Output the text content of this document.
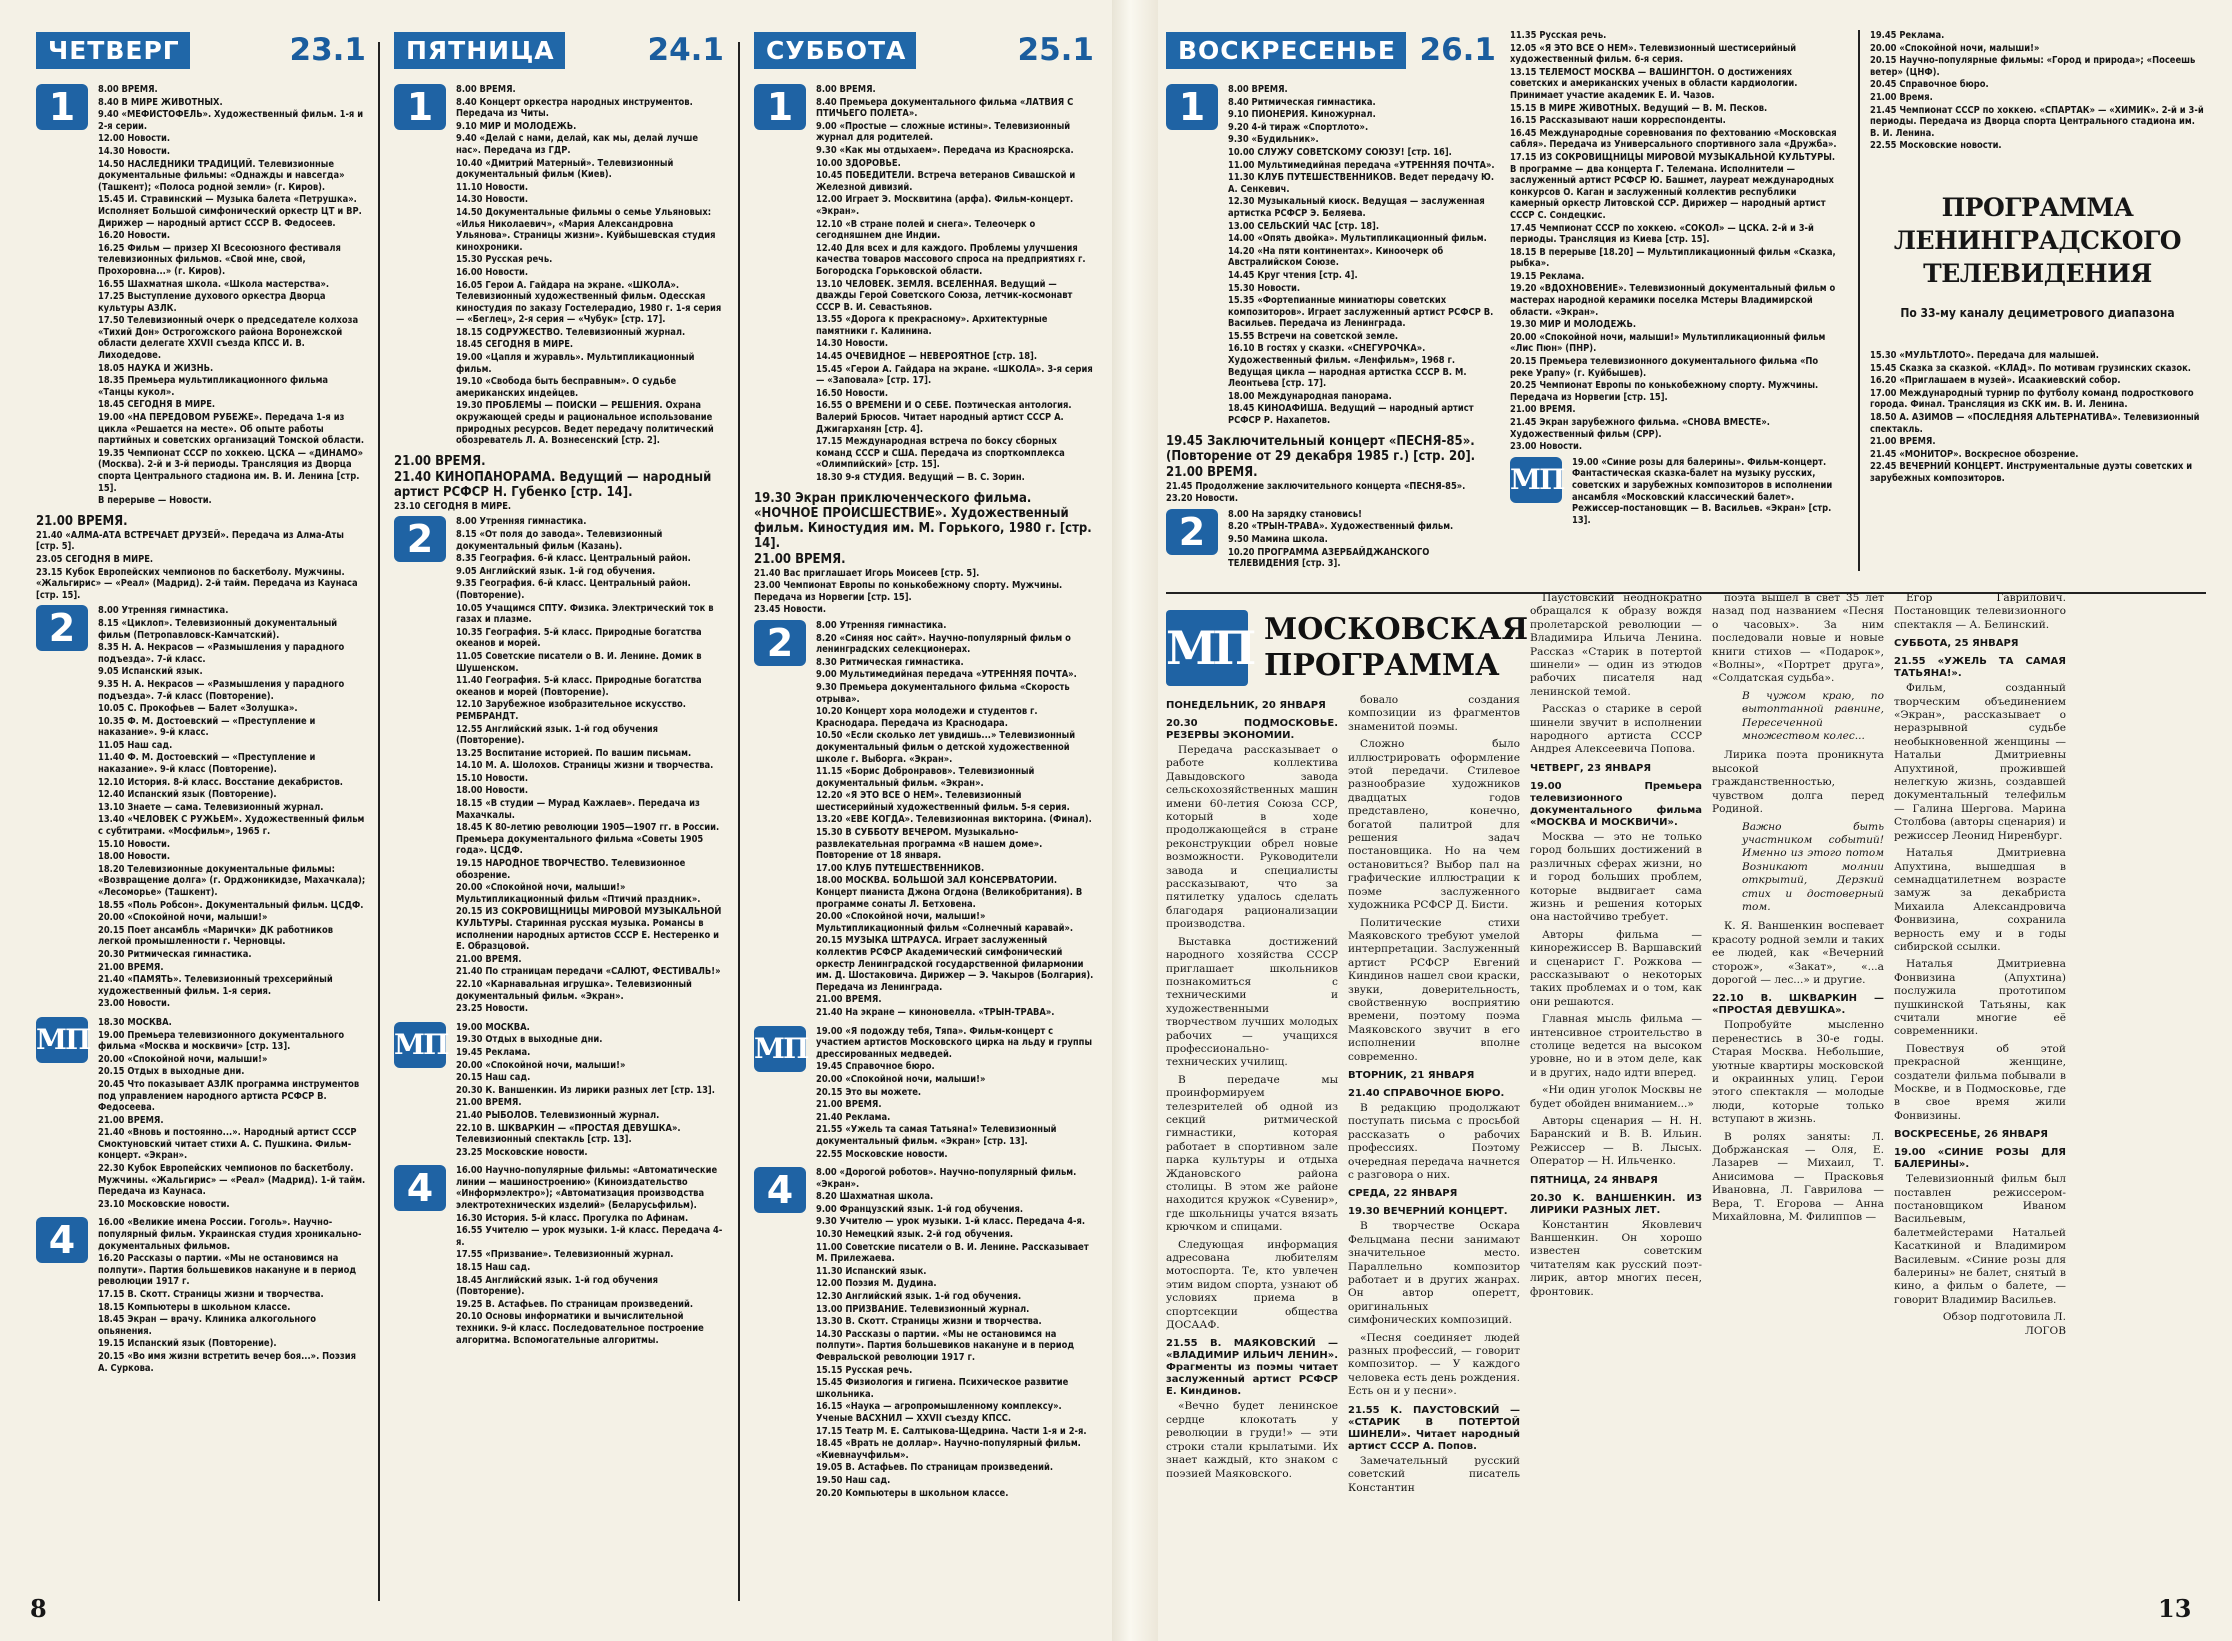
ЧЕТВЕРГ	23.1
1	8.00 ВРЕМЯ.
8.40 В МИРЕ ЖИВОТНЫХ.
9.40 «МЕФИСТОФЕЛЬ». Художественный фильм. 1-я и 2-я серии.
12.00 Новости.
14.30 Новости.
14.50 НАСЛЕДНИКИ ТРАДИЦИЙ. Телевизионные документальные фильмы: «Однажды и навсегда» (Ташкент); «Полоса родной земли» (г. Киров).
15.45 И. Стравинский — Музыка балета «Петрушка». Исполняет Большой симфонический оркестр ЦТ и ВР. Дирижер — народный артист СССР В. Федосеев.
16.20 Новости.
16.25 Фильм — призер XI Всесоюзного фестиваля телевизионных фильмов. «Свой мне, свой, Прохоровна...» (г. Киров).
16.55 Шахматная школа. «Школа мастерства».
17.25 Выступление духового оркестра Дворца культуры АЗЛК.
17.50 Телевизионный очерк о председателе колхоза «Тихий Дон» Острогожского района Воронежской области делегате XXVII съезда КПСС И. В. Лиходедове.
18.05 НАУКА И ЖИЗНЬ.
18.35 Премьера мультипликационного фильма «Танцы кукол».
18.45 СЕГОДНЯ В МИРЕ.
19.00 «НА ПЕРЕДОВОМ РУБЕЖЕ». Передача 1-я из цикла «Решается на месте». Об опыте работы партийных и советских организаций Томской области.
19.35 Чемпионат СССР по хоккею. ЦСКА — «ДИНАМО» (Москва). 2-й и 3-й периоды. Трансляция из Дворца спорта Центрального стадиона им. В. И. Ленина [стр. 15].
В перерыве — Новости.
21.00 ВРЕМЯ.
21.40 «АЛМА-АТА ВСТРЕЧАЕТ ДРУЗЕЙ». Передача из Алма-Аты [стр. 5].
23.05 СЕГОДНЯ В МИРЕ.
23.15 Кубок Европейских чемпионов по баскетболу. Мужчины. «Жальгирис» — «Реал» (Мадрид). 2-й тайм. Передача из Каунаса [стр. 15].
2	8.00 Утренняя гимнастика.
8.15 «Циклоп». Телевизионный документальный фильм (Петропавловск-Камчатский).
8.35 Н. А. Некрасов — «Размышления у парадного подъезда». 7-й класс.
9.05 Испанский язык.
9.35 Н. А. Некрасов — «Размышления у парадного подъезда». 7-й класс (Повторение).
10.05 С. Прокофьев — Балет «Золушка».
10.35 Ф. М. Достоевский — «Преступление и наказание». 9-й класс.
11.05 Наш сад.
11.40 Ф. М. Достоевский — «Преступление и наказание». 9-й класс (Повторение).
12.10 История. 8-й класс. Восстание декабристов.
12.40 Испанский язык (Повторение).
13.10 Знаете — сама. Телевизионный журнал.
13.40 «ЧЕЛОВЕК С РУЖЬЕМ». Художественный фильм с субтитрами. «Мосфильм», 1965 г.
15.10 Новости.
18.00 Новости.
18.20 Телевизионные документальные фильмы: «Возвращение долга» (г. Орджоникидзе, Махачкала); «Лесоморье» (Ташкент).
18.55 «Поль Робсон». Документальный фильм. ЦСДФ.
20.00 «Спокойной ночи, малыши!»
20.15 Поет ансамбль «Марички» ДК работников легкой промышленности г. Черновцы.
20.30 Ритмическая гимнастика.
21.00 ВРЕМЯ.
21.40 «ПАМЯТЬ». Телевизионный трехсерийный художественный фильм. 1-я серия.
23.00 Новости.
МП
18.30 МОСКВА.
19.00 Премьера телевизионного документального фильма «Москва и москвичи» [стр. 13].
20.00 «Спокойной ночи, малыши!»
20.15 Отдых в выходные дни.
20.45 Что показывает АЗЛК программа инструментов под управлением народного артиста РСФСР В. Федосеева.
21.00 ВРЕМЯ.
21.40 «Вновь и постоянно...». Народный артист СССР Смоктуновский читает стихи А. С. Пушкина. Фильм-концерт. «Экран».
22.30 Кубок Европейских чемпионов по баскетболу. Мужчины. «Жальгирис» — «Реал» (Мадрид). 1-й тайм. Передача из Каунаса.
23.10 Московские новости.
4	16.00 «Великие имена России. Гоголь». Научно-популярный фильм. Украинская студия хроникально-документальных фильмов.
16.20 Рассказы о партии. «Мы не остановимся на полпути». Партия большевиков накануне и в период революции 1917 г.
17.15 В. Скотт. Страницы жизни и творчества.
18.15 Компьютеры в школьном классе.
18.45 Экран — врачу. Клиника алкогольного опьянения.
19.15 Испанский язык (Повторение).
20.15 «Во имя жизни встретить вечер боя...». Поэзия А. Суркова.
ПЯТНИЦА	24.1
1	8.00 ВРЕМЯ.
8.40 Концерт оркестра народных инструментов. Передача из Читы.
9.10 МИР И МОЛОДЕЖЬ.
9.40 «Делай с нами, делай, как мы, делай лучше нас». Передача из ГДР.
10.40 «Дмитрий Матерный». Телевизионный документальный фильм (Киев).
11.10 Новости.
14.30 Новости.
14.50 Документальные фильмы о семье Ульяновых: «Илья Николаевич», «Мария Александровна Ульянова». Страницы жизни». Куйбышевская студия кинохроники.
15.30 Русская речь.
16.00 Новости.
16.05 Герои А. Гайдара на экране. «ШКОЛА». Телевизионный художественный фильм. Одесская киностудия по заказу Гостелерадио, 1980 г. 1-я серия — «Беглец», 2-я серия — «Чубук» [стр. 17].
18.15 СОДРУЖЕСТВО. Телевизионный журнал.
18.45 СЕГОДНЯ В МИРЕ.
19.00 «Цапля и журавль». Мультипликационный фильм.
19.10 «Свобода быть бесправным». О судьбе американских индейцев.
19.30 ПРОБЛЕМЫ — ПОИСКИ — РЕШЕНИЯ. Охрана окружающей среды и рациональное использование природных ресурсов. Ведет передачу политический обозреватель Л. А. Вознесенский [стр. 2].
21.00 ВРЕМЯ.
21.40 КИНОПАНОРАМА. Ведущий — народный артист РСФСР Н. Губенко [стр. 14].
23.10 СЕГОДНЯ В МИРЕ.
2	8.00 Утренняя гимнастика.
8.15 «От поля до завода». Телевизионный документальный фильм (Казань).
8.35 География. 6-й класс. Центральный район.
9.05 Английский язык. 1-й год обучения.
9.35 География. 6-й класс. Центральный район. (Повторение).
10.05 Учащимся СПТУ. Физика. Электрический ток в газах и плазме.
10.35 География. 5-й класс. Природные богатства океанов и морей.
11.05 Советские писатели о В. И. Ленине. Домик в Шушенском.
11.40 География. 5-й класс. Природные богатства океанов и морей (Повторение).
12.10 Зарубежное изобразительное искусство. РЕМБРАНДТ.
12.55 Английский язык. 1-й год обучения (Повторение).
13.25 Воспитание историей. По вашим письмам.
14.10 М. А. Шолохов. Страницы жизни и творчества.
15.10 Новости.
18.00 Новости.
18.15 «В студии — Мурад Кажлаев». Передача из Махачкалы.
18.45 К 80-летию революции 1905—1907 гг. в России. Премьера документального фильма «Советы 1905 года». ЦСДФ.
19.15 НАРОДНОЕ ТВОРЧЕСТВО. Телевизионное обозрение.
20.00 «Спокойной ночи, малыши!» Мультипликационный фильм «Птичий праздник».
20.15 ИЗ СОКРОВИЩНИЦЫ МИРОВОЙ МУЗЫКАЛЬНОЙ КУЛЬТУРЫ. Старинная русская музыка. Романсы в исполнении народных артистов СССР Е. Нестеренко и Е. Образцовой.
21.00 ВРЕМЯ.
21.40 По страницам передачи «САЛЮТ, ФЕСТИВАЛЬ!»
22.10 «Карнавальная игрушка». Телевизионный документальный фильм. «Экран».
23.25 Новости.
МП
19.00 МОСКВА.
19.30 Отдых в выходные дни.
19.45 Реклама.
20.00 «Спокойной ночи, малыши!»
20.15 Наш сад.
20.30 К. Ваншенкин. Из лирики разных лет [стр. 13].
21.00 ВРЕМЯ.
21.40 РЫБОЛОВ. Телевизионный журнал.
22.10 В. ШКВАРКИН — «ПРОСТАЯ ДЕВУШКА». Телевизионный спектакль [стр. 13].
23.25 Московские новости.
4	16.00 Научно-популярные фильмы: «Автоматические линии — машиностроению» (Киноиздательство «Информэлектро»); «Автоматизация производства электротехнических изделий» (Беларусьфильм).
16.30 История. 5-й класс. Прогулка по Афинам.
16.55 Учителю — урок музыки. 1-й класс. Передача 4-я.
17.55 «Призвание». Телевизионный журнал.
18.15 Наш сад.
18.45 Английский язык. 1-й год обучения (Повторение).
19.25 В. Астафьев. По страницам произведений.
20.10 Основы информатики и вычислительной техники. 9-й класс. Последовательное построение алгоритма. Вспомогательные алгоритмы.
СУББОТА	25.1
1	8.00 ВРЕМЯ.
8.40 Премьера документального фильма «ЛАТВИЯ С ПТИЧЬЕГО ПОЛЕТА».
9.00 «Простые — сложные истины». Телевизионный журнал для родителей.
9.30 «Как мы отдыхаем». Передача из Красноярска.
10.00 ЗДОРОВЬЕ.
10.45 ПОБЕДИТЕЛИ. Встреча ветеранов Сивашской и Железной дивизий.
12.00 Играет Э. Москвитина (арфа). Фильм-концерт. «Экран».
12.10 «В стране полей и снега». Телеочерк о сегодняшнем дне Индии.
12.40 Для всех и для каждого. Проблемы улучшения качества товаров массового спроса на предприятиях г. Богородска Горьковской области.
13.10 ЧЕЛОВЕК. ЗЕМЛЯ. ВСЕЛЕННАЯ. Ведущий — дважды Герой Советского Союза, летчик-космонавт СССР В. И. Севастьянов.
13.55 «Дорога к прекрасному». Архитектурные памятники г. Калинина.
14.30 Новости.
14.45 ОЧЕВИДНОЕ — НЕВЕРОЯТНОЕ [стр. 18].
15.45 «Герои А. Гайдара на экране. «ШКОЛА». 3-я серия — «Заповала» [стр. 17].
16.50 Новости.
16.55 О ВРЕМЕНИ И О СЕБЕ. Поэтическая антология. Валерий Брюсов. Читает народный артист СССР А. Джигарханян [стр. 4].
17.15 Международная встреча по боксу сборных команд СССР и США. Передача из спорткомплекса «Олимпийский» [стр. 15].
18.30 9-я СТУДИЯ. Ведущий — В. С. Зорин.
19.30 Экран приключенческого фильма. «НОЧНОЕ ПРОИСШЕСТВИЕ». Художественный фильм. Киностудия им. М. Горького, 1980 г. [стр. 14].
21.00 ВРЕМЯ.
21.40 Вас приглашает Игорь Моисеев [стр. 5].
23.00 Чемпионат Европы по конькобежному спорту. Мужчины. Передача из Норвегии [стр. 15].
23.45 Новости.
2	8.00 Утренняя гимнастика.
8.20 «Синяя нос сайт». Научно-популярный фильм о ленинградских селекционерах.
8.30 Ритмическая гимнастика.
9.00 Мультимедийная передача «УТРЕННЯЯ ПОЧТА».
9.30 Премьера документального фильма «Скорость отрыва».
10.20 Концерт хора молодежи и студентов г. Краснодара. Передача из Краснодара.
10.50 «Если сколько лет увидишь...» Телевизионный документальный фильм о детской художественной школе г. Выборга. «Экран».
11.15 «Борис Добронравов». Телевизионный документальный фильм. «Экран».
12.20 «Я ЭТО ВСЕ О НЕМ». Телевизионный шестисерийный художественный фильм. 5-я серия.
13.20 «ЕВЕ КОГДА». Телевизионная викторина. (Финал).
15.30 В СУББОТУ ВЕЧЕРОМ. Музыкально-развлекательная программа «В нашем доме». Повторение от 18 января.
17.00 КЛУБ ПУТЕШЕСТВЕННИКОВ.
18.00 МОСКВА. БОЛЬШОЙ ЗАЛ КОНСЕРВАТОРИИ. Концерт пианиста Джона Огдона (Великобритания). В программе сонаты Л. Бетховена.
20.00 «Спокойной ночи, малыши!» Мультипликационный фильм «Солнечный каравай».
20.15 МУЗЫКА ШТРАУСА. Играет заслуженный коллектив РСФСР Академический симфонический оркестр Ленинградской государственной филармонии им. Д. Шостаковича. Дирижер — Э. Чакыров (Болгария). Передача из Ленинграда.
21.00 ВРЕМЯ.
21.40 На экране — киноновелла. «ТРЫН-ТРАВА».
МП
19.00 «Я подожду тебя, Тяпа». Фильм-концерт с участием артистов Московского цирка на льду и группы дрессированных медведей.
19.45 Справочное бюро.
20.00 «Спокойной ночи, малыши!»
20.15 Это вы можете.
21.00 ВРЕМЯ.
21.40 Реклама.
21.55 «Ужель та самая Татьяна!» Телевизионный документальный фильм. «Экран» [стр. 13].
22.55 Московские новости.
4	8.00 «Дорогой роботов». Научно-популярный фильм. «Экран».
8.20 Шахматная школа.
9.00 Французский язык. 1-й год обучения.
9.30 Учителю — урок музыки. 1-й класс. Передача 4-я.
10.30 Немецкий язык. 2-й год обучения.
11.00 Советские писатели о В. И. Ленине. Рассказывает М. Прилежаева.
11.30 Испанский язык.
12.00 Поэзия М. Дудина.
12.30 Английский язык. 1-й год обучения.
13.00 ПРИЗВАНИЕ. Телевизионный журнал.
13.30 В. Скотт. Страницы жизни и творчества.
14.30 Рассказы о партии. «Мы не остановимся на полпути». Партия большевиков накануне и в период Февральской революции 1917 г.
15.15 Русская речь.
15.45 Физиология и гигиена. Психическое развитие школьника.
16.15 «Наука — агропромышленному комплексу». Ученые ВАСХНИЛ — XXVII съезду КПСС.
17.15 Театр М. Е. Салтыкова-Щедрина. Части 1-я и 2-я.
18.45 «Врать не доллар». Научно-популярный фильм. «Киевнаучфильм».
19.05 В. Астафьев. По страницам произведений.
19.50 Наш сад.
20.20 Компьютеры в школьном классе.
8
ВОСКРЕСЕНЬЕ 26.1
1	8.00 ВРЕМЯ.
8.40 Ритмическая гимнастика.
9.10 ПИОНЕРИЯ. Киножурнал.
9.20 4-й тираж «Спортлото».
9.30 «Будильник».
10.00 СЛУЖУ СОВЕТСКОМУ СОЮЗУ! [стр. 16].
11.00 Мультимедийная передача «УТРЕННЯЯ ПОЧТА».
11.30 КЛУБ ПУТЕШЕСТВЕННИКОВ. Ведет передачу Ю. А. Сенкевич.
12.30 Музыкальный киоск. Ведущая — заслуженная артистка РСФСР Э. Беляева.
13.00 СЕЛЬСКИЙ ЧАС [стр. 18].
14.00 «Опять двойка». Мультипликационный фильм.
14.20 «На пяти континентах». Киноочерк об Австралийском Союзе.
14.45 Круг чтения [стр. 4].
15.30 Новости.
15.35 «Фортепианные миниатюры советских композиторов». Играет заслуженный артист РСФСР В. Васильев. Передача из Ленинграда.
15.55 Встречи на советской земле.
16.10 В гостях у сказки. «СНЕГУРОЧКА». Художественный фильм. «Ленфильм», 1968 г. Ведущая цикла — народная артистка СССР В. М. Леонтьева [стр. 17].
18.00 Международная панорама.
18.45 КИНОАФИША. Ведущий — народный артист РСФСР Р. Нахапетов.
19.45 Заключительный концерт «ПЕСНЯ-85». (Повторение от 29 декабря 1985 г.) [стр. 20].
21.00 ВРЕМЯ.
21.45 Продолжение заключительного концерта «ПЕСНЯ-85».
23.20 Новости.
2	8.00 На зарядку становись!
8.20 «ТРЫН-ТРАВА». Художественный фильм.
9.50 Мамина школа.
10.20 ПРОГРАММА АЗЕРБАЙДЖАНСКОГО ТЕЛЕВИДЕНИЯ [стр. 3].
11.35 Русская речь.
12.05 «Я ЭТО ВСЕ О НЕМ». Телевизионный шестисерийный художественный фильм. 6-я серия.
13.15 ТЕЛЕМОСТ МОСКВА — ВАШИНГТОН. О достижениях советских и американских ученых в области кардиологии. Принимает участие академик Е. И. Чазов.
15.15 В МИРЕ ЖИВОТНЫХ. Ведущий — В. М. Песков.
16.15 Рассказывают наши корреспонденты.
16.45 Международные соревнования по фехтованию «Московская сабля». Передача из Универсального спортивного зала «Дружба».
17.15 ИЗ СОКРОВИЩНИЦЫ МИРОВОЙ МУЗЫКАЛЬНОЙ КУЛЬТУРЫ. В программе — два концерта Г. Телемана. Исполнители — заслуженный артист РСФСР Ю. Башмет, лауреат международных конкурсов О. Каган и заслуженный коллектив республики камерный оркестр Литовской ССР. Дирижер — народный артист СССР С. Сондецкис.
17.45 Чемпионат СССР по хоккею. «СОКОЛ» — ЦСКА. 2-й и 3-й периоды. Трансляция из Киева [стр. 15].
18.15 В перерыве [18.20] — Мультипликационный фильм «Сказка, рыбка».
19.15 Реклама.
19.20 «ВДОХНОВЕНИЕ». Телевизионный документальный фильм о мастерах народной керамики поселка Мстеры Владимирской области. «Экран».
19.30 МИР И МОЛОДЕЖЬ.
20.00 «Спокойной ночи, малыши!» Мультипликационный фильм «Лис Пюн» (ПНР).
20.15 Премьера телевизионного документального фильма «По реке Урапу» (г. Куйбышев).
20.25 Чемпионат Европы по конькобежному спорту. Мужчины. Передача из Норвегии [стр. 15].
21.00 ВРЕМЯ.
21.45 Экран зарубежного фильма. «СНОВА ВМЕСТЕ». Художественный фильм (СРР).
23.00 Новости.
МП
19.00 «Синие розы для балерины». Фильм-концерт. Фантастическая сказка-балет на музыку русских, советских и зарубежных композиторов в исполнении ансамбля «Московский классический балет». Режиссер-постановщик — В. Васильев. «Экран» [стр. 13].
19.45 Реклама.
20.00 «Спокойной ночи, малыши!»
20.15 Научно-популярные фильмы: «Город и природа»; «Посеешь ветер» (ЦНФ).
20.45 Справочное бюро.
21.00 Время.
21.45 Чемпионат СССР по хоккею. «СПАРТАК» — «ХИМИК». 2-й и 3-й периоды. Передача из Дворца спорта Центрального стадиона им. В. И. Ленина.
22.55 Московские новости.
ПРОГРАММА ЛЕНИНГРАДСКОГО ТЕЛЕВИДЕНИЯ
По 33-му каналу дециметрового диапазона
15.30 «МУЛЬТЛОТО». Передача для малышей.
15.45 Сказка за сказкой. «КЛАД». По мотивам грузинских сказок.
16.20 «Приглашаем в музей». Исаакиевский собор.
17.00 Международный турнир по футболу команд подросткового города. Финал. Трансляция из СКК им. В. И. Ленина.
18.50 А. АЗИМОВ — «ПОСЛЕДНЯЯ АЛЬТЕРНАТИВА». Телевизионный спектакль.
21.00 ВРЕМЯ.
21.45 «МОНИТОР». Воскресное обозрение.
22.45 ВЕЧЕРНИЙ КОНЦЕРТ. Инструментальные дуэты советских и зарубежных композиторов.
МП МОСКОВСКАЯ ПРОГРАММА

ПОНЕДЕЛЬНИК, 20 ЯНВАРЯ

20.30 ПОДМОСКОВЬЕ. РЕЗЕРВЫ ЭКОНОМИИ.

Передача рассказывает о работе коллектива Давыдовского завода сельскохозяйственных машин имени 60-летия Союза ССР, который в ходе продолжающейся в стране реконструкции обрел новые возможности. Руководители завода и специалисты рассказывают, что за пятилетку удалось сделать благодаря рационализации производства.

Выставка достижений народного хозяйства СССР приглашает школьников познакомиться с техническими и художественными творчеством лучших молодых рабочих — учащихся профессионально-технических училищ.

В передаче мы проинформируем телезрителей об одной из секций ритмической гимнастики, которая работает в спортивном зале парка культуры и отдыха Ждановского района столицы. В этом же районе находится кружок «Сувенир», где школьницы учатся вязать крючком и спицами.

Следующая информация адресована любителям мотоспорта. Те, кто увлечен этим видом спорта, узнают об условиях приема в спортсекции общества ДОСААФ.

21.55 В. МАЯКОВСКИЙ — «ВЛАДИМИР ИЛЬИЧ ЛЕНИН». Фрагменты из поэмы читает заслуженный артист РСФСР Е. Киндинов.

«Вечно будет ленинское сердце клокотать у революции в груди!» — эти строки стали крылатыми. Их знает каждый, кто знаком с поэзией Маяковского.

бовало создания композиции из фрагментов знаменитой поэмы.

Сложно было иллюстрировать оформление этой передачи. Стилевое разнообразие художников двадцатых годов представлено, конечно, богатой палитрой для решения задач постановщика. Но на чем остановиться? Выбор пал на графические иллюстрации к поэме заслуженного художника РСФСР Д. Бисти.

Политические стихи Маяковского требуют умелой интерпретации. Заслуженный артист РСФСР Евгений Киндинов нашел свои краски, звуки, доверительность, свойственную восприятию времени, поэтому поэма Маяковского звучит в его исполнении вполне современно.

ВТОРНИК, 21 ЯНВАРЯ

21.40 СПРАВОЧНОЕ БЮРО.

В редакцию продолжают поступать письма с просьбой рассказать о рабочих профессиях. Поэтому очередная передача начнется с разговора о них.

СРЕДА, 22 ЯНВАРЯ

19.30 ВЕЧЕРНИЙ КОНЦЕРТ.

В творчестве Оскара Фельцмана песни занимают значительное место. Параллельно композитор работает и в других жанрах. Он автор оперетт, оригинальных симфонических композиций.

«Песня соединяет людей разных профессий, — говорит композитор. — У каждого человека есть день рождения. Есть он и у песни».

21.55 К. ПАУСТОВСКИЙ — «СТАРИК В ПОТЕРТОЙ ШИНЕЛИ». Читает народный артист СССР А. Попов.

Замечательный русский советский писатель Константин

Паустовский неоднократно обращался к образу вождя пролетарской революции — Владимира Ильича Ленина. Рассказ «Старик в потертой шинели» — один из этюдов рабочих писателя над ленинской темой.

Рассказ о старике в серой шинели звучит в исполнении народного артиста СССР Андрея Алексеевича Попова.

ЧЕТВЕРГ, 23 ЯНВАРЯ

19.00 Премьера телевизионного документального фильма «МОСКВА И МОСКВИЧИ».

Москва — это не только город больших достижений в различных сферах жизни, но и город больших проблем, которые выдвигает сама жизнь и решения которых она настойчиво требует.

Авторы фильма — кинорежиссер В. Варшавский и сценарист Г. Рожкова — рассказывают о некоторых таких проблемах и о том, как они решаются.

Главная мысль фильма — интенсивное строительство в столице ведется на высоком уровне, но и в этом деле, как и в других, надо идти вперед.

«Ни один уголок Москвы не будет обойден вниманием...»

Авторы сценария — Н. Н. Баранский и В. В. Ильин. Режиссер — В. Лысых. Оператор — Н. Ильченко.

ПЯТНИЦА, 24 ЯНВАРЯ

20.30 К. ВАНШЕНКИН. ИЗ ЛИРИКИ РАЗНЫХ ЛЕТ.

Константин Яковлевич Ваншенкин. Он хорошо известен советским читателям как русский поэт-лирик, автор многих песен, фронтовик.

поэта вышел в свет 35 лет назад под названием «Песня о часовых». За ним последовали новые и новые книги стихов — «Подарок», «Волны», «Портрет друга», «Солдатская судьба».

В чужом краю, по вытоптанной равнине, Пересеченной множеством колес...

Лирика поэта проникнута высокой гражданственностью, чувством долга перед Родиной.

Важно быть участником событий! Именно из этого потом Возникают молнии открытий, Дерзкий стих и достоверный том.

К. Я. Ваншенкин воспевает красоту родной земли и таких ее людей, как «Вечерний сторож», «Закат», «...а дорогой — лес...» и другие.

22.10 В. ШКВАРКИН — «ПРОСТАЯ ДЕВУШКА».

Попробуйте мысленно перенестись в 30-е годы. Старая Москва. Небольшие, уютные квартиры московской и окраинных улиц. Герои этого спектакля — молодые люди, которые только вступают в жизнь.

В ролях заняты: Л. Добржанская — Оля, Е. Лазарев — Михаил, Т. Анисимова — Прасковья Ивановна, Л. Гаврилова — Вера, Т. Егорова — Анна Михайловна, М. Филиппов —

Егор Гаврилович. Постановщик телевизионного спектакля — А. Белинский.

СУББОТА, 25 ЯНВАРЯ

21.55 «УЖЕЛЬ ТА САМАЯ ТАТЬЯНА!».

Фильм, созданный творческим объединением «Экран», рассказывает о неразрывной судьбе необыкновенной женщины — Натальи Дмитриевны Апухтиной, прожившей нелегкую жизнь, создавшей документальный телефильм — Галина Шергова. Марина Столбова (авторы сценария) и режиссер Леонид Ниренбург.

Наталья Дмитриевна Апухтина, вышедшая в семнадцатилетнем возрасте замуж за декабриста Михаила Александровича Фонвизина, сохранила верность ему и в годы сибирской ссылки.

Наталья Дмитриевна Фонвизина (Апухтина) послужила прототипом пушкинской Татьяны, как считали многие её современники.

Повествуя об этой прекрасной женщине, создатели фильма побывали в Москве, и в Подмосковье, где в свое время жили Фонвизины.

ВОСКРЕСЕНЬЕ, 26 ЯНВАРЯ

19.00 «СИНИЕ РОЗЫ ДЛЯ БАЛЕРИНЫ».

Телевизионный фильм был поставлен режиссером-постановщиком Иваном Васильевым, балетмейстерами Натальей Касаткиной и Владимиром Василевым. «Синие розы для балерины» не балет, снятый в кино, а фильм о балете, — говорит Владимир Васильев.

Обзор подготовила Л. ЛОГОВ

13
